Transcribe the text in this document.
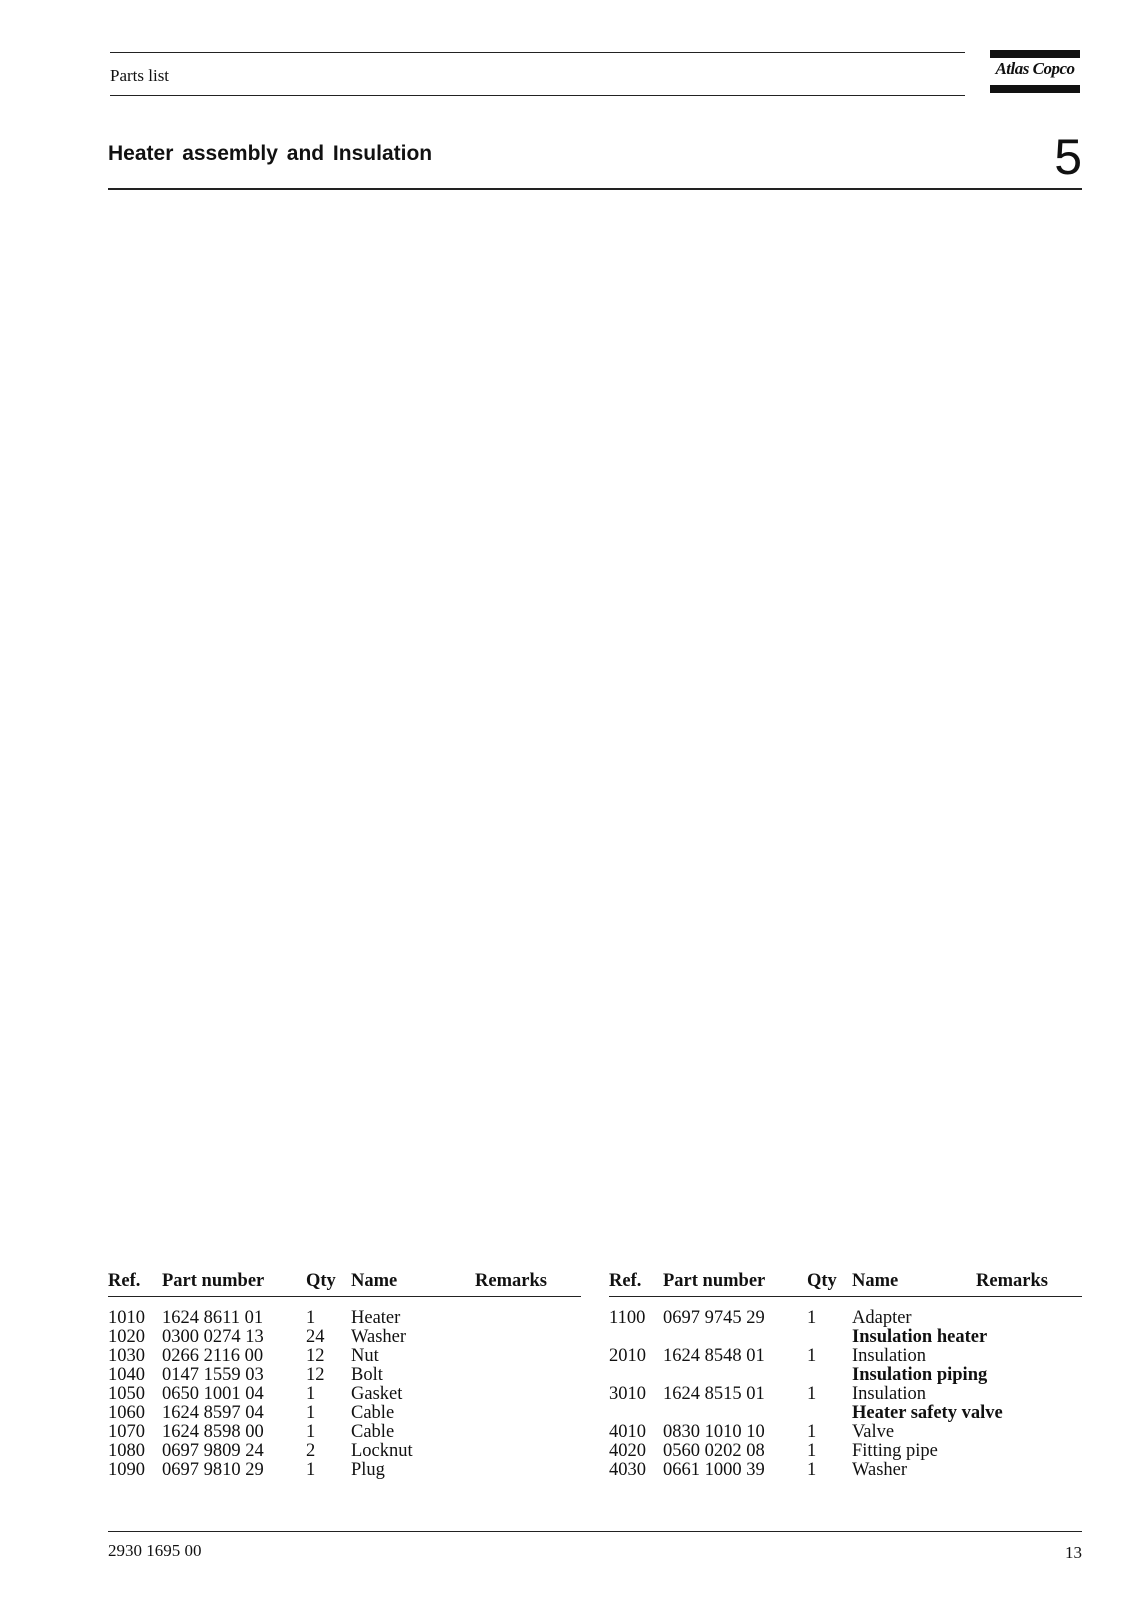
Parts list	Atlas Copco
Heater assembly and Insulation	5
Ref. Part number Qty Name	Remarks
1010 1624 8611 01 1 Heater
1020 0300 0274 13 24 Washer
1030 0266 2116 00 12 Nut
1040 0147 1559 03 12 Bolt
1050 0650 1001 04 1 Gasket
1060 1624 8597 04 1 Cable
1070 1624 8598 00 1 Cable
1080 0697 9809 24 2 Locknut
1090 0697 9810 29 1 Plug
Ref. Part number Qty Name	Remarks
1100 0697 9745 29 1 Adapter
Insulation heater
2010 1624 8548 01 1 Insulation
Insulation piping
3010 1624 8515 01 1 Insulation
Heater safety valve
4010 0830 1010 10 1 Valve
4020 0560 0202 08 1 Fitting pipe
4030 0661 1000 39 1 Washer
2930 1695 00	13
